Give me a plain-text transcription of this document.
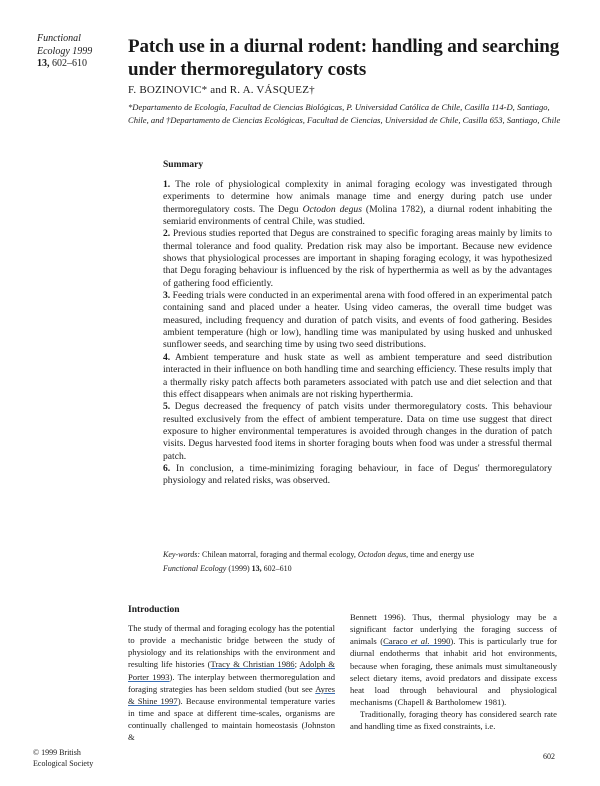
Functional
Ecology 1999
13, 602–610
Patch use in a diurnal rodent: handling and searching under thermoregulatory costs
F. BOZINOVIC* and R. A. VÁSQUEZ†
*Departamento de Ecología, Facultad de Ciencias Biológicas, P. Universidad Católica de Chile, Casilla 114-D, Santiago, Chile, and †Departamento de Ciencias Ecológicas, Facultad de Ciencias, Universidad de Chile, Casilla 653, Santiago, Chile
Summary

1. The role of physiological complexity in animal foraging ecology was investigated through experiments to determine how animals manage time and energy during patch use under thermoregulatory costs. The Degu Octodon degus (Molina 1782), a diurnal rodent inhabiting the semiarid environments of central Chile, was studied.

2. Previous studies reported that Degus are constrained to specific foraging areas mainly by limits to thermal tolerance and food quality. Predation risk may also be important. Because new evidence shows that physiological processes are important in shaping foraging ecology, it was hypothesized that Degu foraging behaviour is influenced by the risk of hyperthermia as well as by the advantages of gathering food efficiently.

3. Feeding trials were conducted in an experimental arena with food offered in an experimental patch containing sand and placed under a heater. Using video cameras, the overall time budget was measured, including frequency and duration of patch visits, and events of food gathering. Besides ambient temperature (high or low), handling time was manipulated by using husked and unhusked sunflower seeds, and searching time by using two seed distributions.

4. Ambient temperature and husk state as well as ambient temperature and seed distribution interacted in their influence on both handling time and searching efficiency. These results imply that a thermally risky patch affects both parameters associated with patch use and diet selection and that this effect disappears when animals are not risking hyperthermia.

5. Degus decreased the frequency of patch visits under thermoregulatory costs. This behaviour resulted exclusively from the effect of ambient temperature. Data on time use suggest that direct exposure to higher environmental temperatures is avoided through changes in the duration of patch visits. Degus harvested food items in shorter foraging bouts when food was under a stressful thermal patch.

6. In conclusion, a time-minimizing foraging behaviour, in face of Degus' thermoregulatory physiology and related risks, was observed.

Key-words: Chilean matorral, foraging and thermal ecology, Octodon degus, time and energy use
Functional Ecology (1999) 13, 602–610
Introduction

The study of thermal and foraging ecology has the potential to provide a mechanistic bridge between the study of physiology and its relationships with the environment and resulting life histories (Tracy & Christian 1986; Adolph & Porter 1993). The interplay between thermoregulation and foraging strategies has been seldom studied (but see Ayres & Shine 1997). Because environmental temperature varies in time and space at different time-scales, organisms are continually challenged to maintain homeostasis (Johnston &

Bennett 1996). Thus, thermal physiology may be a significant factor underlying the foraging success of animals (Caraco et al. 1990). This is particularly true for diurnal endotherms that inhabit arid hot environments, because when foraging, these animals must simultaneously select dietary items, avoid predators and dissipate excess heat load through behavioural and physiological mechanisms (Chapell & Bartholomew 1981).

Traditionally, foraging theory has considered search rate and handling time as fixed constraints, i.e.

© 1999 British
Ecological Society
602
